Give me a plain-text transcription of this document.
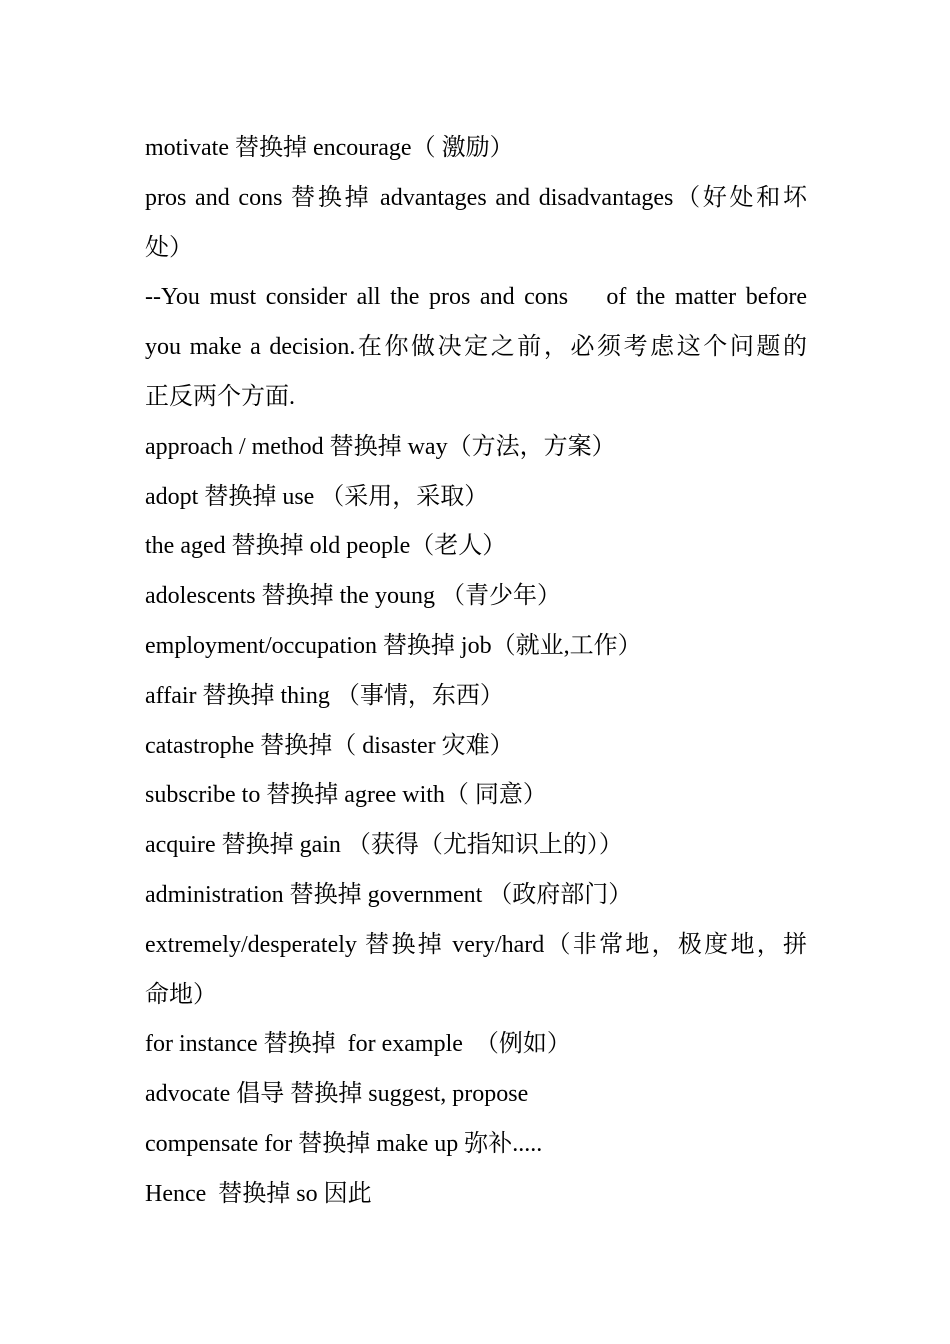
motivate 替换掉 encourage（ 激励）

pros and cons 替换掉 advantages and disadvantages（好处和坏

处）

--You must consider all the pros and cons    of the matter before

you make a decision.在你做决定之前，必须考虑这个问题的

正反两个方面.

approach / method 替换掉 way（方法，方案）

adopt 替换掉 use （采用，采取）

the aged 替换掉 old people（老人）

adolescents 替换掉 the young （青少年）

employment/occupation 替换掉 job（就业,工作）

affair 替换掉 thing （事情，东西）

catastrophe 替换掉（ disaster 灾难）

subscribe to 替换掉 agree with（ 同意）

acquire 替换掉 gain （获得（尤指知识上的））

administration 替换掉 government （政府部门）

extremely/desperately 替换掉 very/hard（非常地，极度地，拼

命地）

for instance 替换掉  for example  （例如）

advocate 倡导 替换掉 suggest, propose

compensate for 替换掉 make up 弥补.....

Hence  替换掉 so 因此
